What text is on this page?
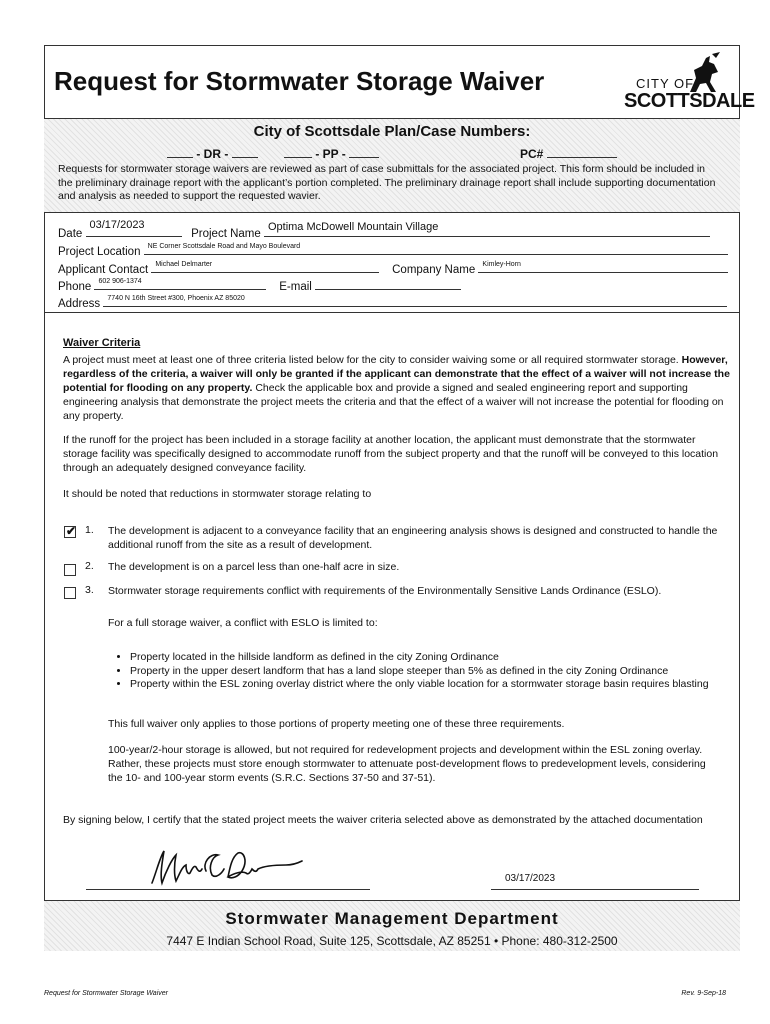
Request for Stormwater Storage Waiver	CITY OF
SCOTTSDALE
City of Scottsdale Plan/Case Numbers:
- DR -	- PP -	PC#
Requests for stormwater storage waivers are reviewed as part of case submittals for the associated project. This form should be included in the preliminary drainage report with the applicant’s portion completed. The preliminary drainage report shall include supporting documentation and analysis as needed to support the requested wavier.
Date
03/17/2023
Project Name
Optima McDowell Mountain Village
Project Location NE Corner Scottsdale Road and Mayo Boulevard
Applicant Contact Michael Delmarter	Company Name Kimley-Horn
Phone 602 906-1374	E-mail
Address 7740 N 16th Street #300, Phoenix AZ 85020
Waiver Criteria
A project must meet at least one of three criteria listed below for the city to consider waiving some or all required stormwater storage. However, regardless of the criteria, a waiver will only be granted if the applicant can demonstrate that the effect of a waiver will not increase the potential for flooding on any property. Check the applicable box and provide a signed and sealed engineering report and supporting engineering analysis that demonstrate the project meets the criteria and that the effect of a waiver will not increase the potential for flooding on any property.
If the runoff for the project has been included in a storage facility at another location, the applicant must demonstrate that the stormwater storage facility was specifically designed to accommodate runoff from the subject property and that the runoff will be conveyed to this location through an adequately designed conveyance facility.
It should be noted that reductions in stormwater storage relating to
✔ 1. The development is adjacent to a conveyance facility that an engineering analysis shows is designed and constructed to handle the additional runoff from the site as a result of development.
2. The development is on a parcel less than one-half acre in size.
3. Stormwater storage requirements conflict with requirements of the Environmentally Sensitive Lands Ordinance (ESLO).
For a full storage waiver, a conflict with ESLO is limited to:
• Property located in the hillside landform as defined in the city Zoning Ordinance
• Property in the upper desert landform that has a land slope steeper than 5% as defined in the city Zoning Ordinance
• Property within the ESL zoning overlay district where the only viable location for a stormwater storage basin requires blasting
This full waiver only applies to those portions of property meeting one of these three requirements.
100-year/2-hour storage is allowed, but not required for redevelopment projects and development within the ESL zoning overlay. Rather, these projects must store enough stormwater to attenuate post-development flows to predevelopment levels, considering the 10- and 100-year storm events (S.R.C. Sections 37-50 and 37-51).
By signing below, I certify that the stated project meets the waiver criteria selected above as demonstrated by the attached documentation
03/17/2023
Stormwater Management Department
7447 E Indian School Road, Suite 125, Scottsdale, AZ 85251 • Phone: 480-312-2500
Request for Stormwater Storage Waiver	Rev. 9-Sep-18
